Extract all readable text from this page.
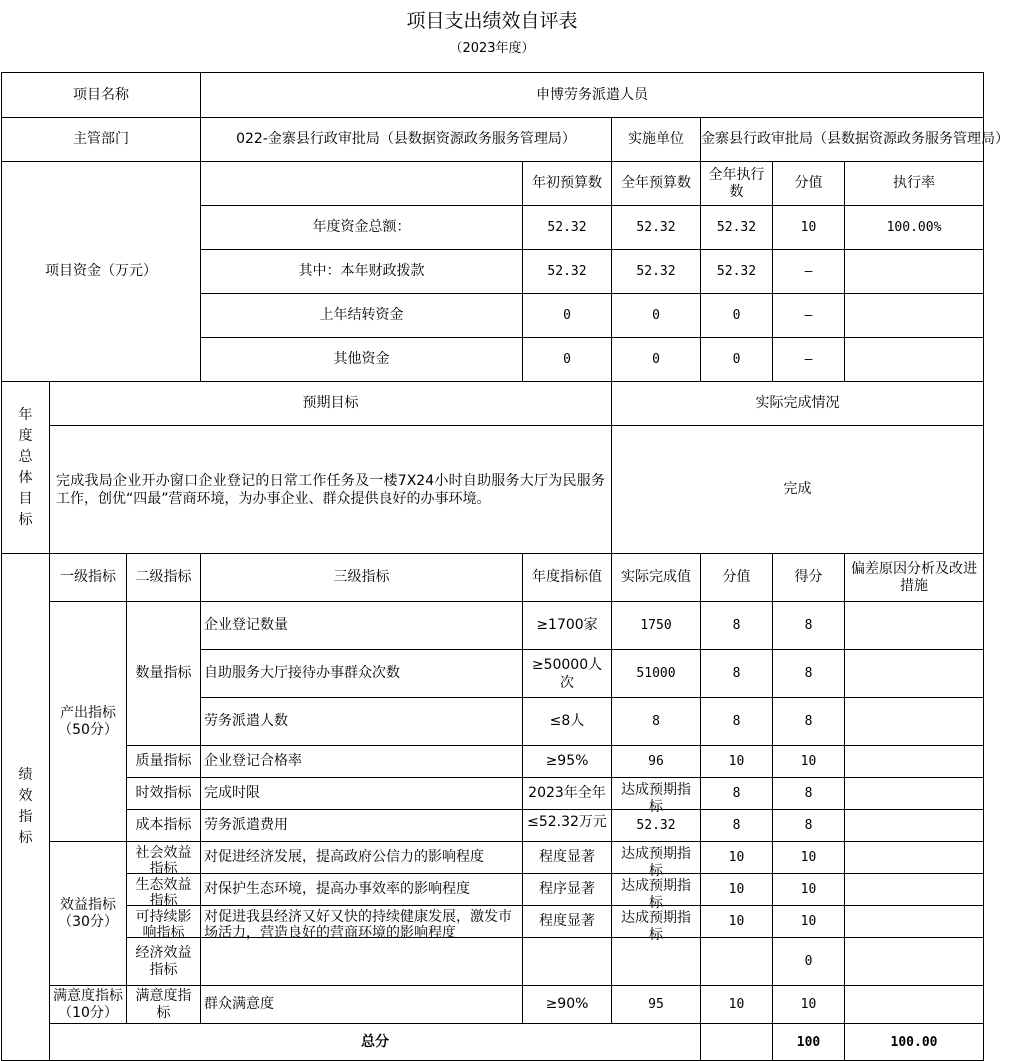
项目支出绩效自评表
（2023年度）
项目名称			申博劳务派遣人员						
主管部门			022-金寨县行政审批局（县数据资源政务服务管理局）		实施单位	金寨县行政审批局（县数据资源政务服务管理局）			
项目资金（万元）				年初预算数	全年预算数	全年执行数	分值	执行率	
			年度资金总额：	52.32	52.32	52.32	10	100.00%	
			其中：本年财政拨款	52.32	52.32	52.32	–		
			上年结转资金	0	0	0	–		
			其他资金	0	0	0	–		
年度总体目标	预期目标				实际完成情况				

	完成我局企业开办窗口企业登记的日常工作任务及一楼7X24小时自助服务大厅为民服务工作，创优“四最”营商环境，为办事企业、群众提供良好的办事环境。				完成				
绩效指标	一级指标	二级指标	三级指标	年度指标值	实际完成值	分值	得分	偏差原因分析及改进措施	

	产出指标（50分）	数量指标	企业登记数量	≥1700家	1750	8	8		
			自助服务大厅接待办事群众次数	≥50000人次	51000	8	8		
			劳务派遣人数	≤8人	8	8	8		
		质量指标	企业登记合格率	≥95%	96	10	10		
		时效指标	完成时限	2023年全年	达成预期指标	8	8		
		成本指标	劳务派遣费用	≤52.32万元	52.32	8	8		
	效益指标（30分）	社会效益指标	对促进经济发展，提高政府公信力的影响程度	程度显著	达成预期指标	10	10		

		生态效益指标	对保护生态环境，提高办事效率的影响程度	程序显著	达成预期指标	10	10		

		可持续影响指标	对促进我县经济又好又快的持续健康发展，激发市场活力，营造良好的营商环境的影响程度	程度显著	达成预期指标	10	10		

		经济效益指标					0		

	满意度指标（10分）	满意度指标	群众满意度	≥90%	95	10	10		
	总分						100	100.00	
